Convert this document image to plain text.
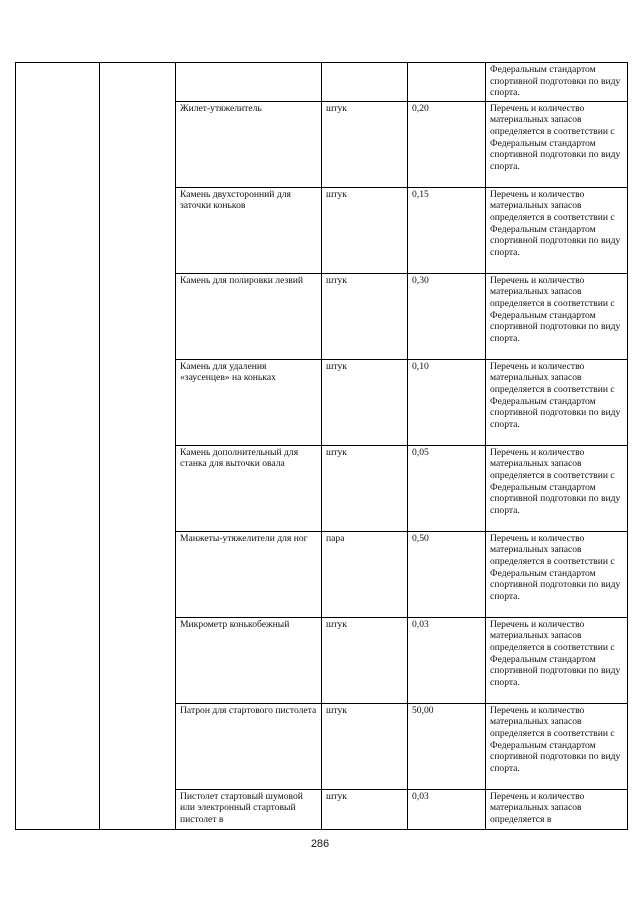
					Федеральным стандартом спортивной подготовки по виду спорта.
		Жилет-утяжелитель	штук	0,20	Перечень и количество материальных запасов определяется в соответствии с Федеральным стандартом спортивной подготовки по виду спорта.
		Камень двухсторонний для заточки коньков	штук	0,15	Перечень и количество материальных запасов определяется в соответствии с Федеральным стандартом спортивной подготовки по виду спорта.
		Камень для полировки лезвий	штук	0,30	Перечень и количество материальных запасов определяется в соответствии с Федеральным стандартом спортивной подготовки по виду спорта.
		Камень для удаления «заусенцев» на коньках	штук	0,10	Перечень и количество материальных запасов определяется в соответствии с Федеральным стандартом спортивной подготовки по виду спорта.
		Камень дополнительный для станка для выточки овала	штук	0,05	Перечень и количество материальных запасов определяется в соответствии с Федеральным стандартом спортивной подготовки по виду спорта.
		Манжеты-утяжелители для ног	пара	0,50	Перечень и количество материальных запасов определяется в соответствии с Федеральным стандартом спортивной подготовки по виду спорта.
		Микрометр конькобежный	штук	0,03	Перечень и количество материальных запасов определяется в соответствии с Федеральным стандартом спортивной подготовки по виду спорта.
		Патрон для стартового пистолета	штук	50,00	Перечень и количество материальных запасов определяется в соответствии с Федеральным стандартом спортивной подготовки по виду спорта.
		Пистолет стартовый шумовой или электронный стартовый пистолет в	штук	0,03	Перечень и количество материальных запасов определяется в
286
